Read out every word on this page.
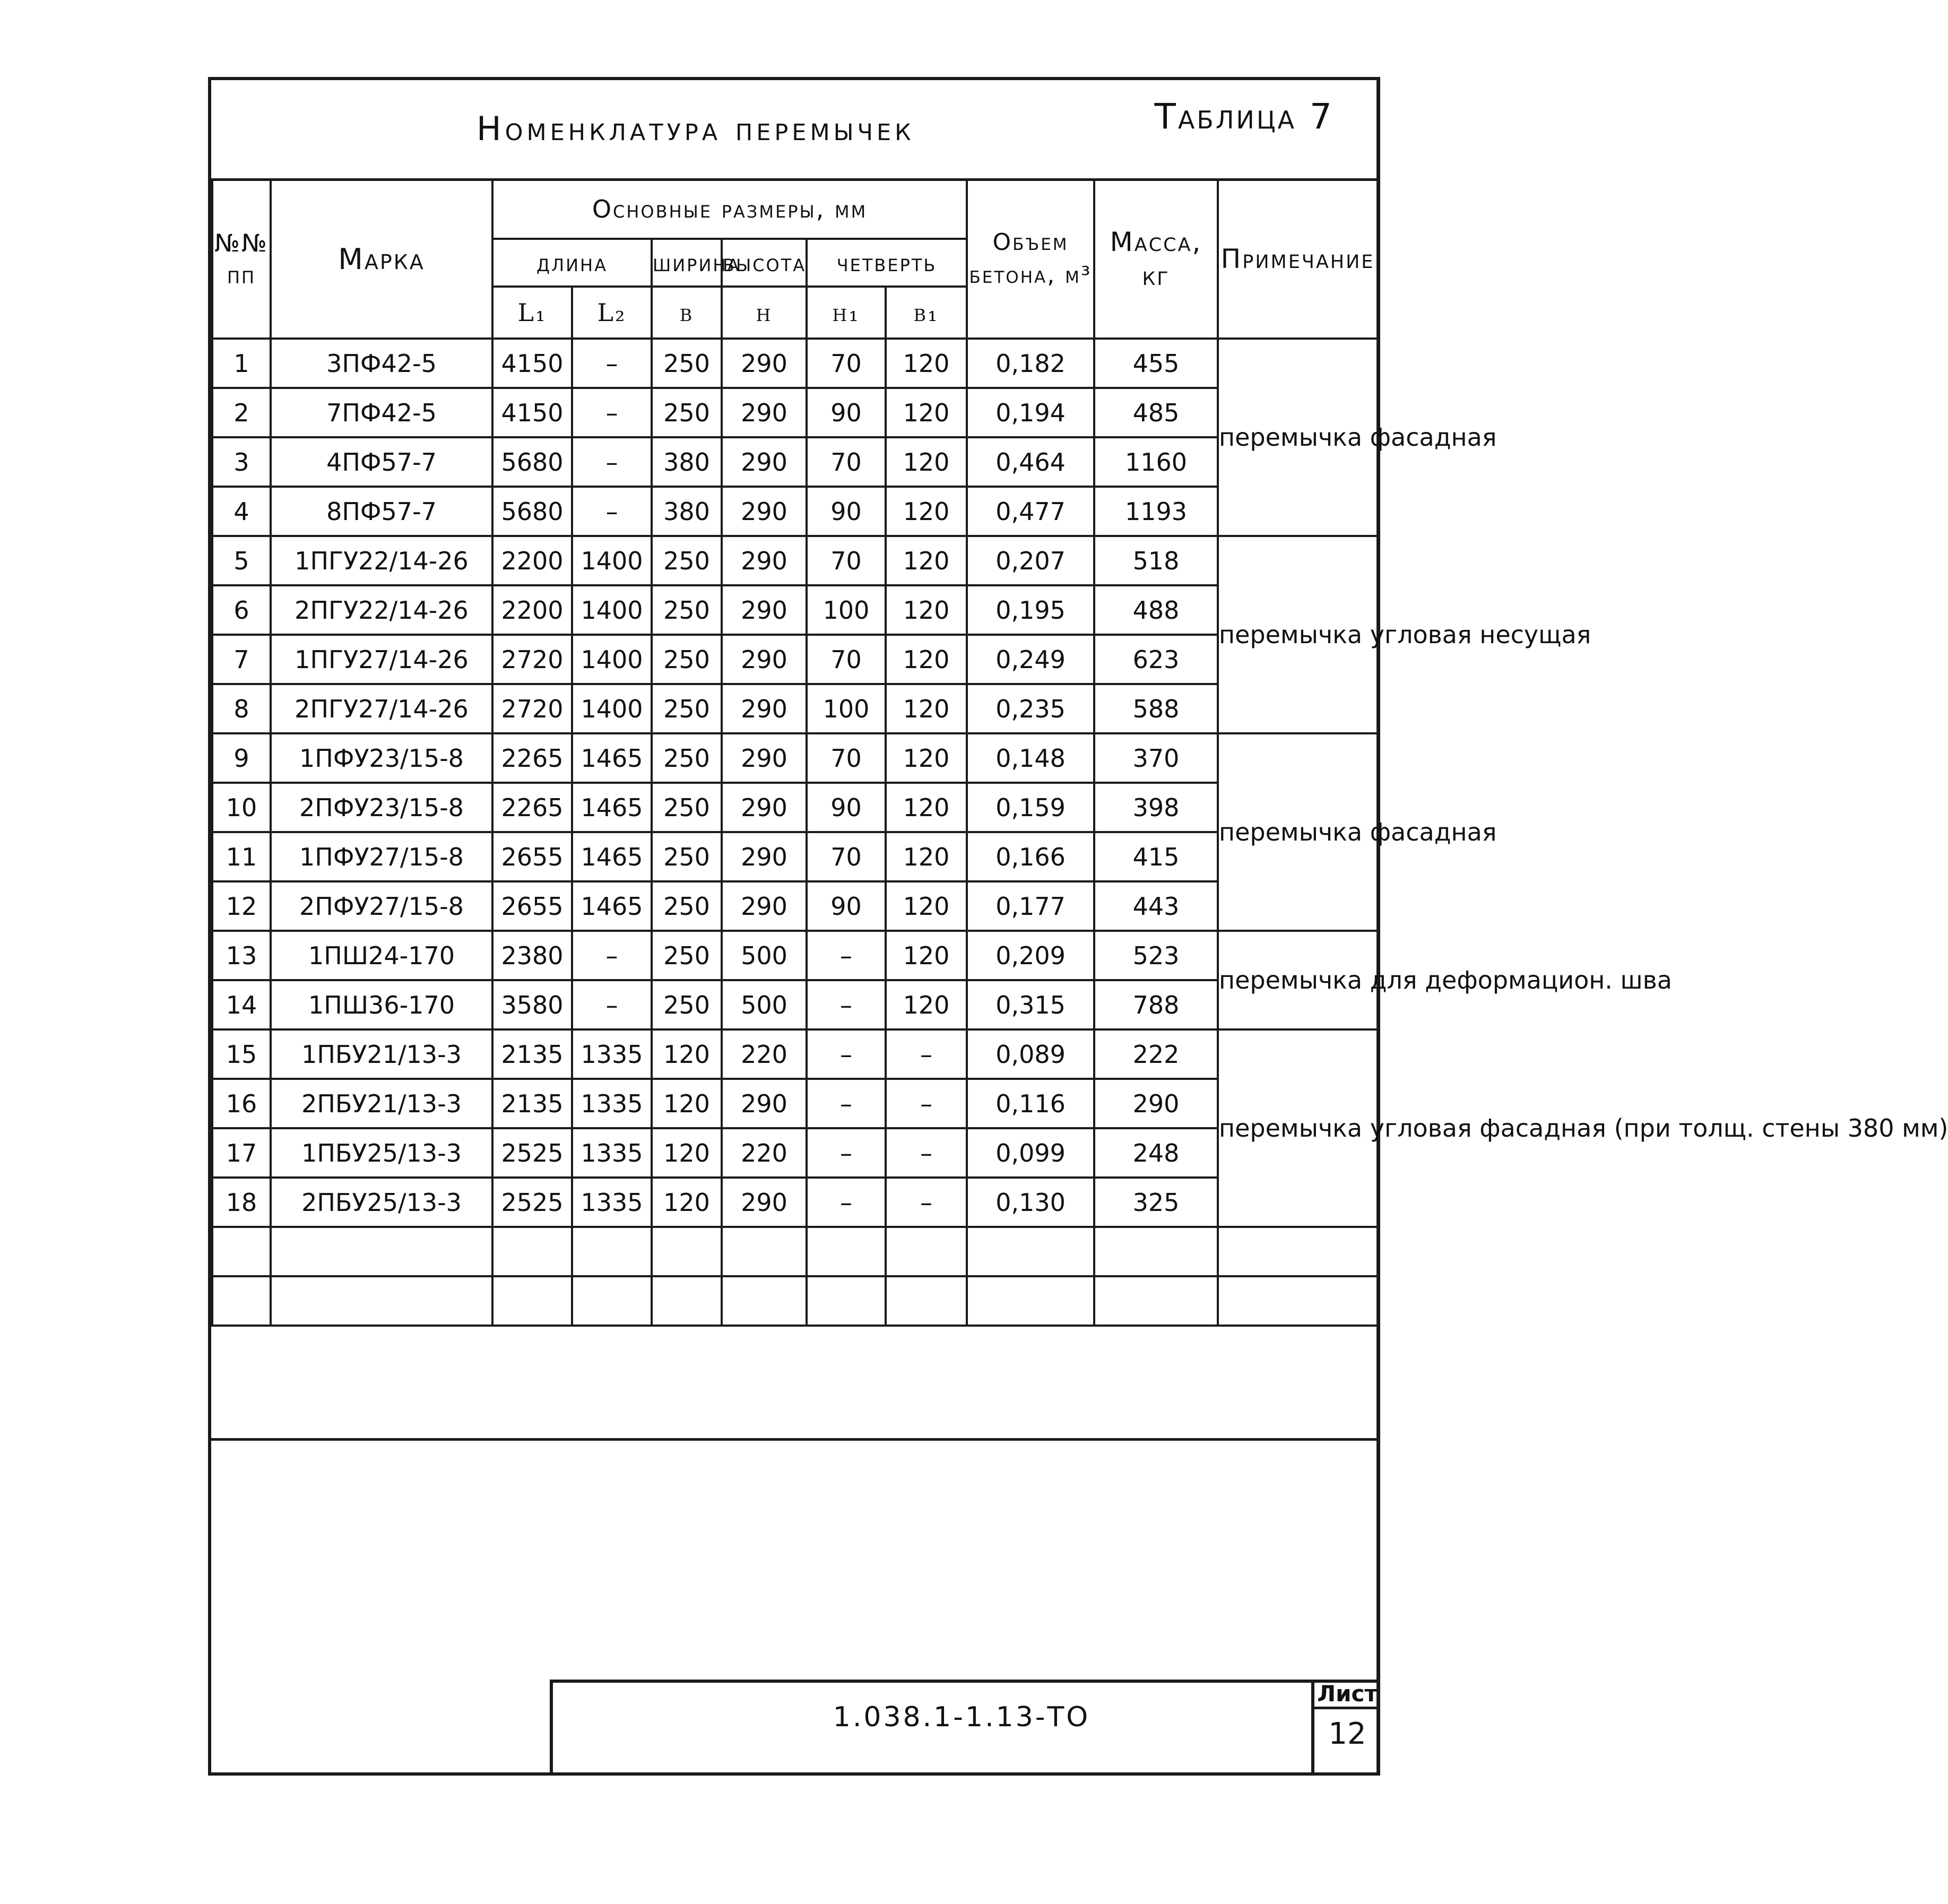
Номенклатура перемычек	Таблица 7
№№ пп	Марка	Основные размеры, мм						Объем бетона, м³	Масса, кг	Примечание
		длина		ширина	высота	четверть				
		L₁	L₂	b	h	h₁	b₁			
1	3ПФ42-5	4150	–	250	290	70	120	0,182	455	перемычка фасадная
2	7ПФ42-5	4150	–	250	290	90	120	0,194	485	
3	4ПФ57-7	5680	–	380	290	70	120	0,464	1160	
4	8ПФ57-7	5680	–	380	290	90	120	0,477	1193	
5	1ПГУ22/14-26	2200	1400	250	290	70	120	0,207	518	перемычка угловая несущая
6	2ПГУ22/14-26	2200	1400	250	290	100	120	0,195	488	
7	1ПГУ27/14-26	2720	1400	250	290	70	120	0,249	623	
8	2ПГУ27/14-26	2720	1400	250	290	100	120	0,235	588	
9	1ПФУ23/15-8	2265	1465	250	290	70	120	0,148	370	перемычка фасадная
10	2ПФУ23/15-8	2265	1465	250	290	90	120	0,159	398	
11	1ПФУ27/15-8	2655	1465	250	290	70	120	0,166	415	
12	2ПФУ27/15-8	2655	1465	250	290	90	120	0,177	443	
13	1ПШ24-170	2380	–	250	500	–	120	0,209	523	перемычка для деформацион. шва
14	1ПШ36-170	3580	–	250	500	–	120	0,315	788	
15	1ПБУ21/13-3	2135	1335	120	220	–	–	0,089	222	перемычка угловая фасадная (при толщ. стены 380 мм)
16	2ПБУ21/13-3	2135	1335	120	290	–	–	0,116	290	
17	1ПБУ25/13-3	2525	1335	120	220	–	–	0,099	248	
18	2ПБУ25/13-3	2525	1335	120	290	–	–	0,130	325	

1.038.1-1.13-ТО
Лист
12
